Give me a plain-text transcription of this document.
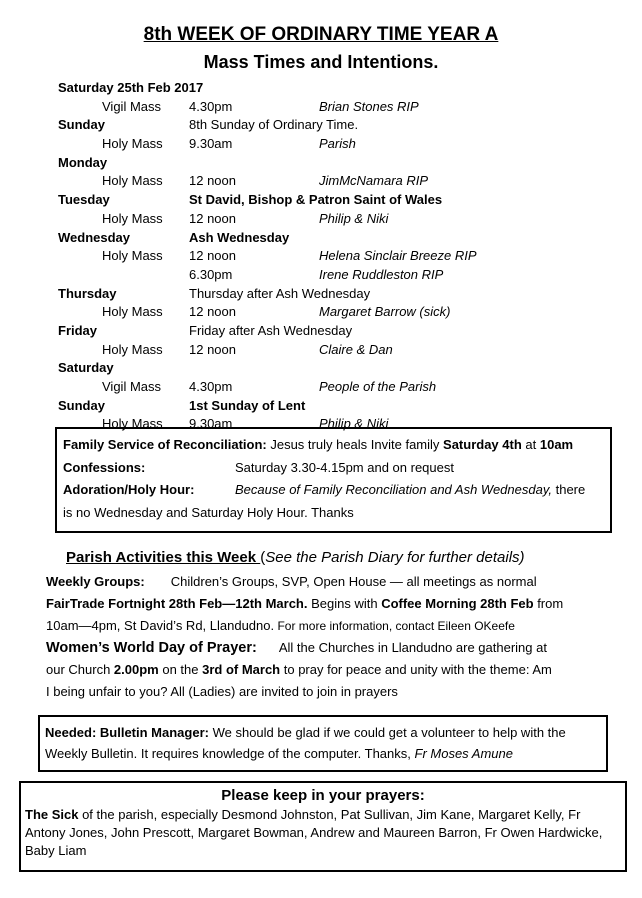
8th WEEK OF ORDINARY TIME YEAR A
Mass Times and Intentions.
Saturday 25th Feb 2017
Vigil Mass 4.30pm	Brian Stones RIP
Sunday	8th Sunday of Ordinary Time.
Holy Mass 9.30am	Parish
Monday
Holy Mass 12 noon	JimMcNamara RIP
Tuesday	St David, Bishop & Patron Saint of Wales
Holy Mass 12 noon	Philip & Niki
Wednesday	Ash Wednesday
Holy Mass 12 noon	Helena Sinclair Breeze RIP
6.30pm	Irene Ruddleston RIP
Thursday	Thursday after Ash Wednesday
Holy Mass 12 noon	Margaret Barrow (sick)
Friday	Friday after Ash Wednesday
Holy Mass 12 noon	Claire & Dan
Saturday
Vigil Mass 4.30pm	People of the Parish
Sunday	1st Sunday of Lent
Holy Mass 9.30am	Philip & Niki
Family Service of Reconciliation: Jesus truly heals Invite family Saturday 4th at 10am
Confessions:	Saturday 3.30-4.15pm and on request
Adoration/Holy Hour:	Because of Family Reconciliation and Ash Wednesday, there
is no Wednesday and Saturday Holy Hour. Thanks
Parish Activities this Week (See the Parish Diary for further details)
Weekly Groups: Children’s Groups, SVP, Open House — all meetings as normal
FairTrade Fortnight 28th Feb—12th March. Begins with Coffee Morning 28th Feb from
10am—4pm, St David’s Rd, Llandudno. For more information, contact Eileen OKeefe
Women’s World Day of Prayer: All the Churches in Llandudno are gathering at
our Church 2.00pm on the 3rd of March to pray for peace and unity with the theme: Am
I being unfair to you? All (Ladies) are invited to join in prayers
Needed: Bulletin Manager: We should be glad if we could get a volunteer to help with the Weekly Bulletin. It requires knowledge of the computer. Thanks, Fr Moses Amune
Please keep in your prayers:
The Sick of the parish, especially Desmond Johnston, Pat Sullivan, Jim Kane, Margaret Kelly, Fr Antony Jones, John Prescott, Margaret Bowman, Andrew and Maureen Barron, Fr Owen Hardwicke, Baby Liam
